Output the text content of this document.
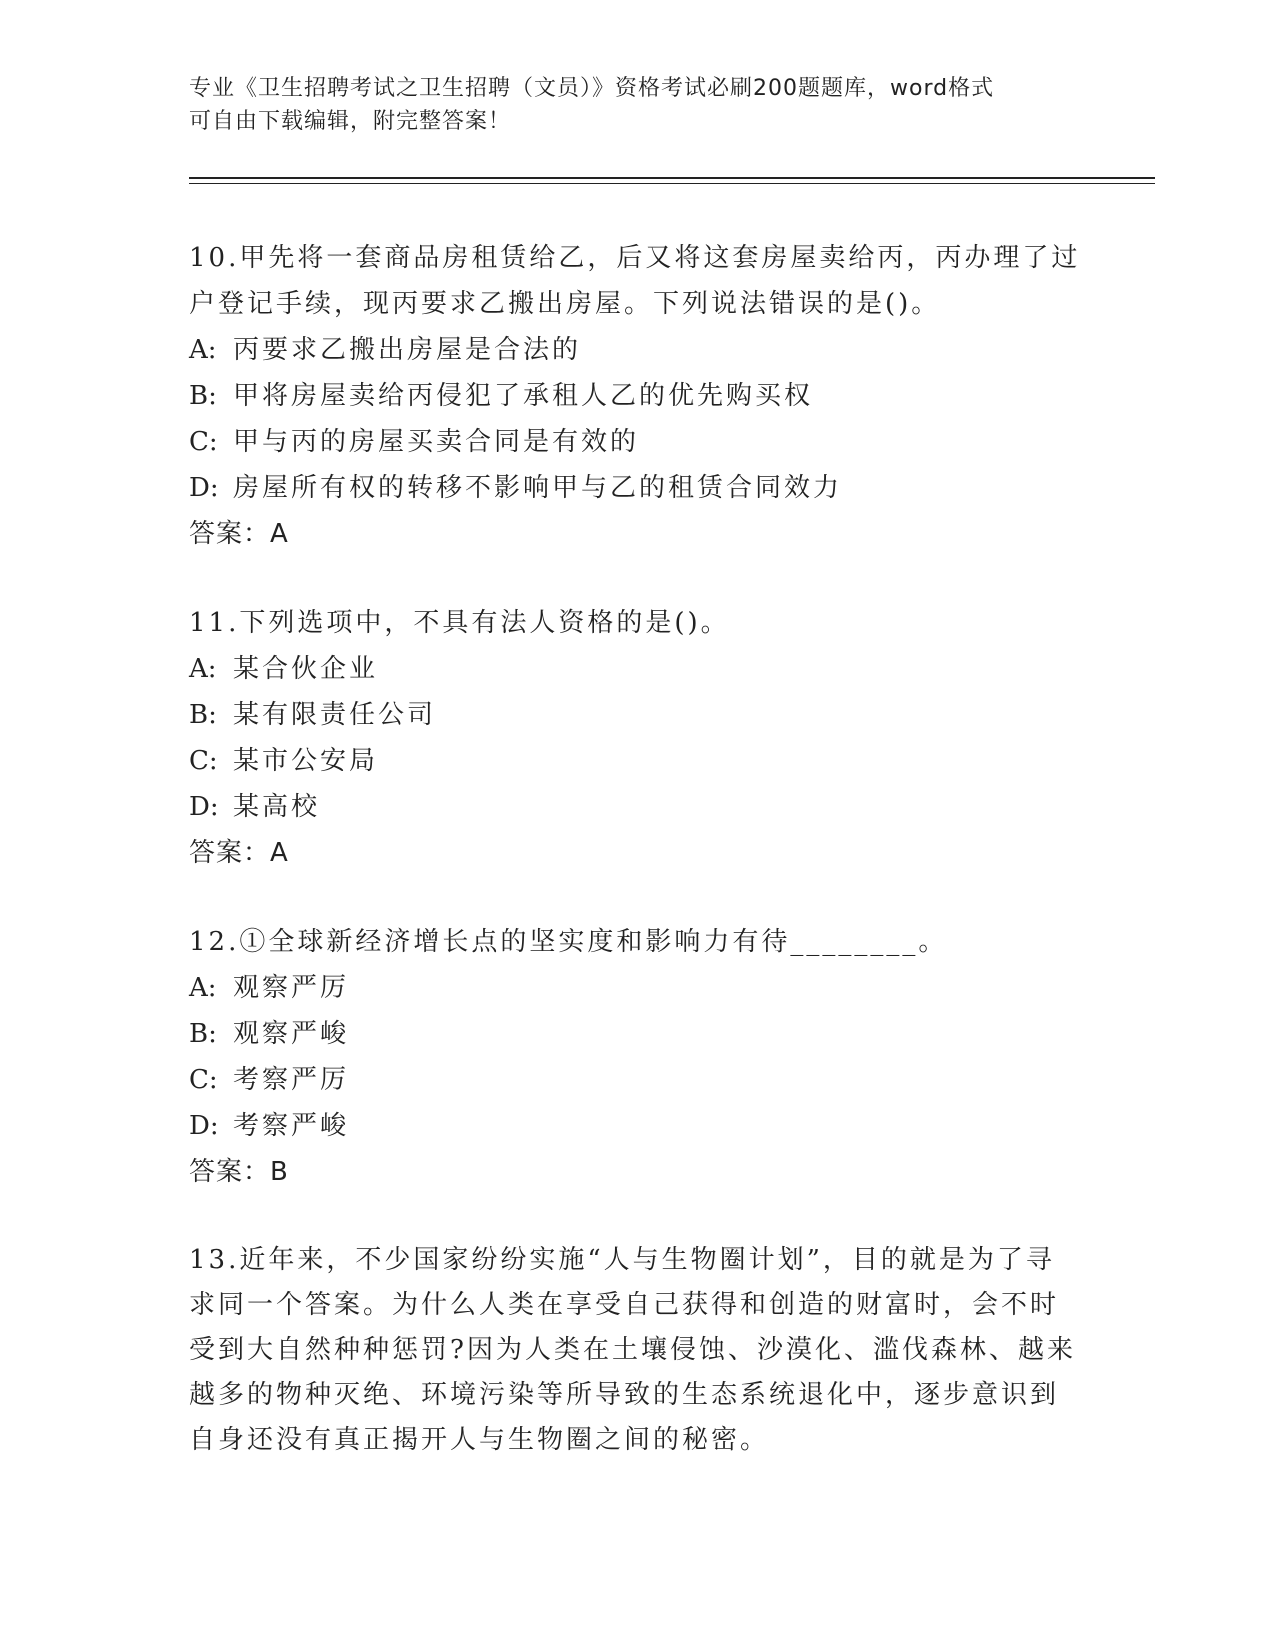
专业《卫生招聘考试之卫生招聘（文员）》资格考试必刷200题题库，word格式
可自由下载编辑，附完整答案！
10.甲先将一套商品房租赁给乙，后又将这套房屋卖给丙，丙办理了过
户登记手续，现丙要求乙搬出房屋。下列说法错误的是()。
A: 丙要求乙搬出房屋是合法的
B: 甲将房屋卖给丙侵犯了承租人乙的优先购买权
C: 甲与丙的房屋买卖合同是有效的
D: 房屋所有权的转移不影响甲与乙的租赁合同效力
答案：A
11.下列选项中，不具有法人资格的是()。
A: 某合伙企业
B: 某有限责任公司
C: 某市公安局
D: 某高校
答案：A
12.①全球新经济增长点的坚实度和影响力有待________。
A: 观察严厉
B: 观察严峻
C: 考察严厉
D: 考察严峻
答案：B
13.近年来，不少国家纷纷实施“人与生物圈计划”，目的就是为了寻
求同一个答案。为什么人类在享受自己获得和创造的财富时，会不时
受到大自然种种惩罚?因为人类在土壤侵蚀、沙漠化、滥伐森林、越来
越多的物种灭绝、环境污染等所导致的生态系统退化中，逐步意识到
自身还没有真正揭开人与生物圈之间的秘密。
